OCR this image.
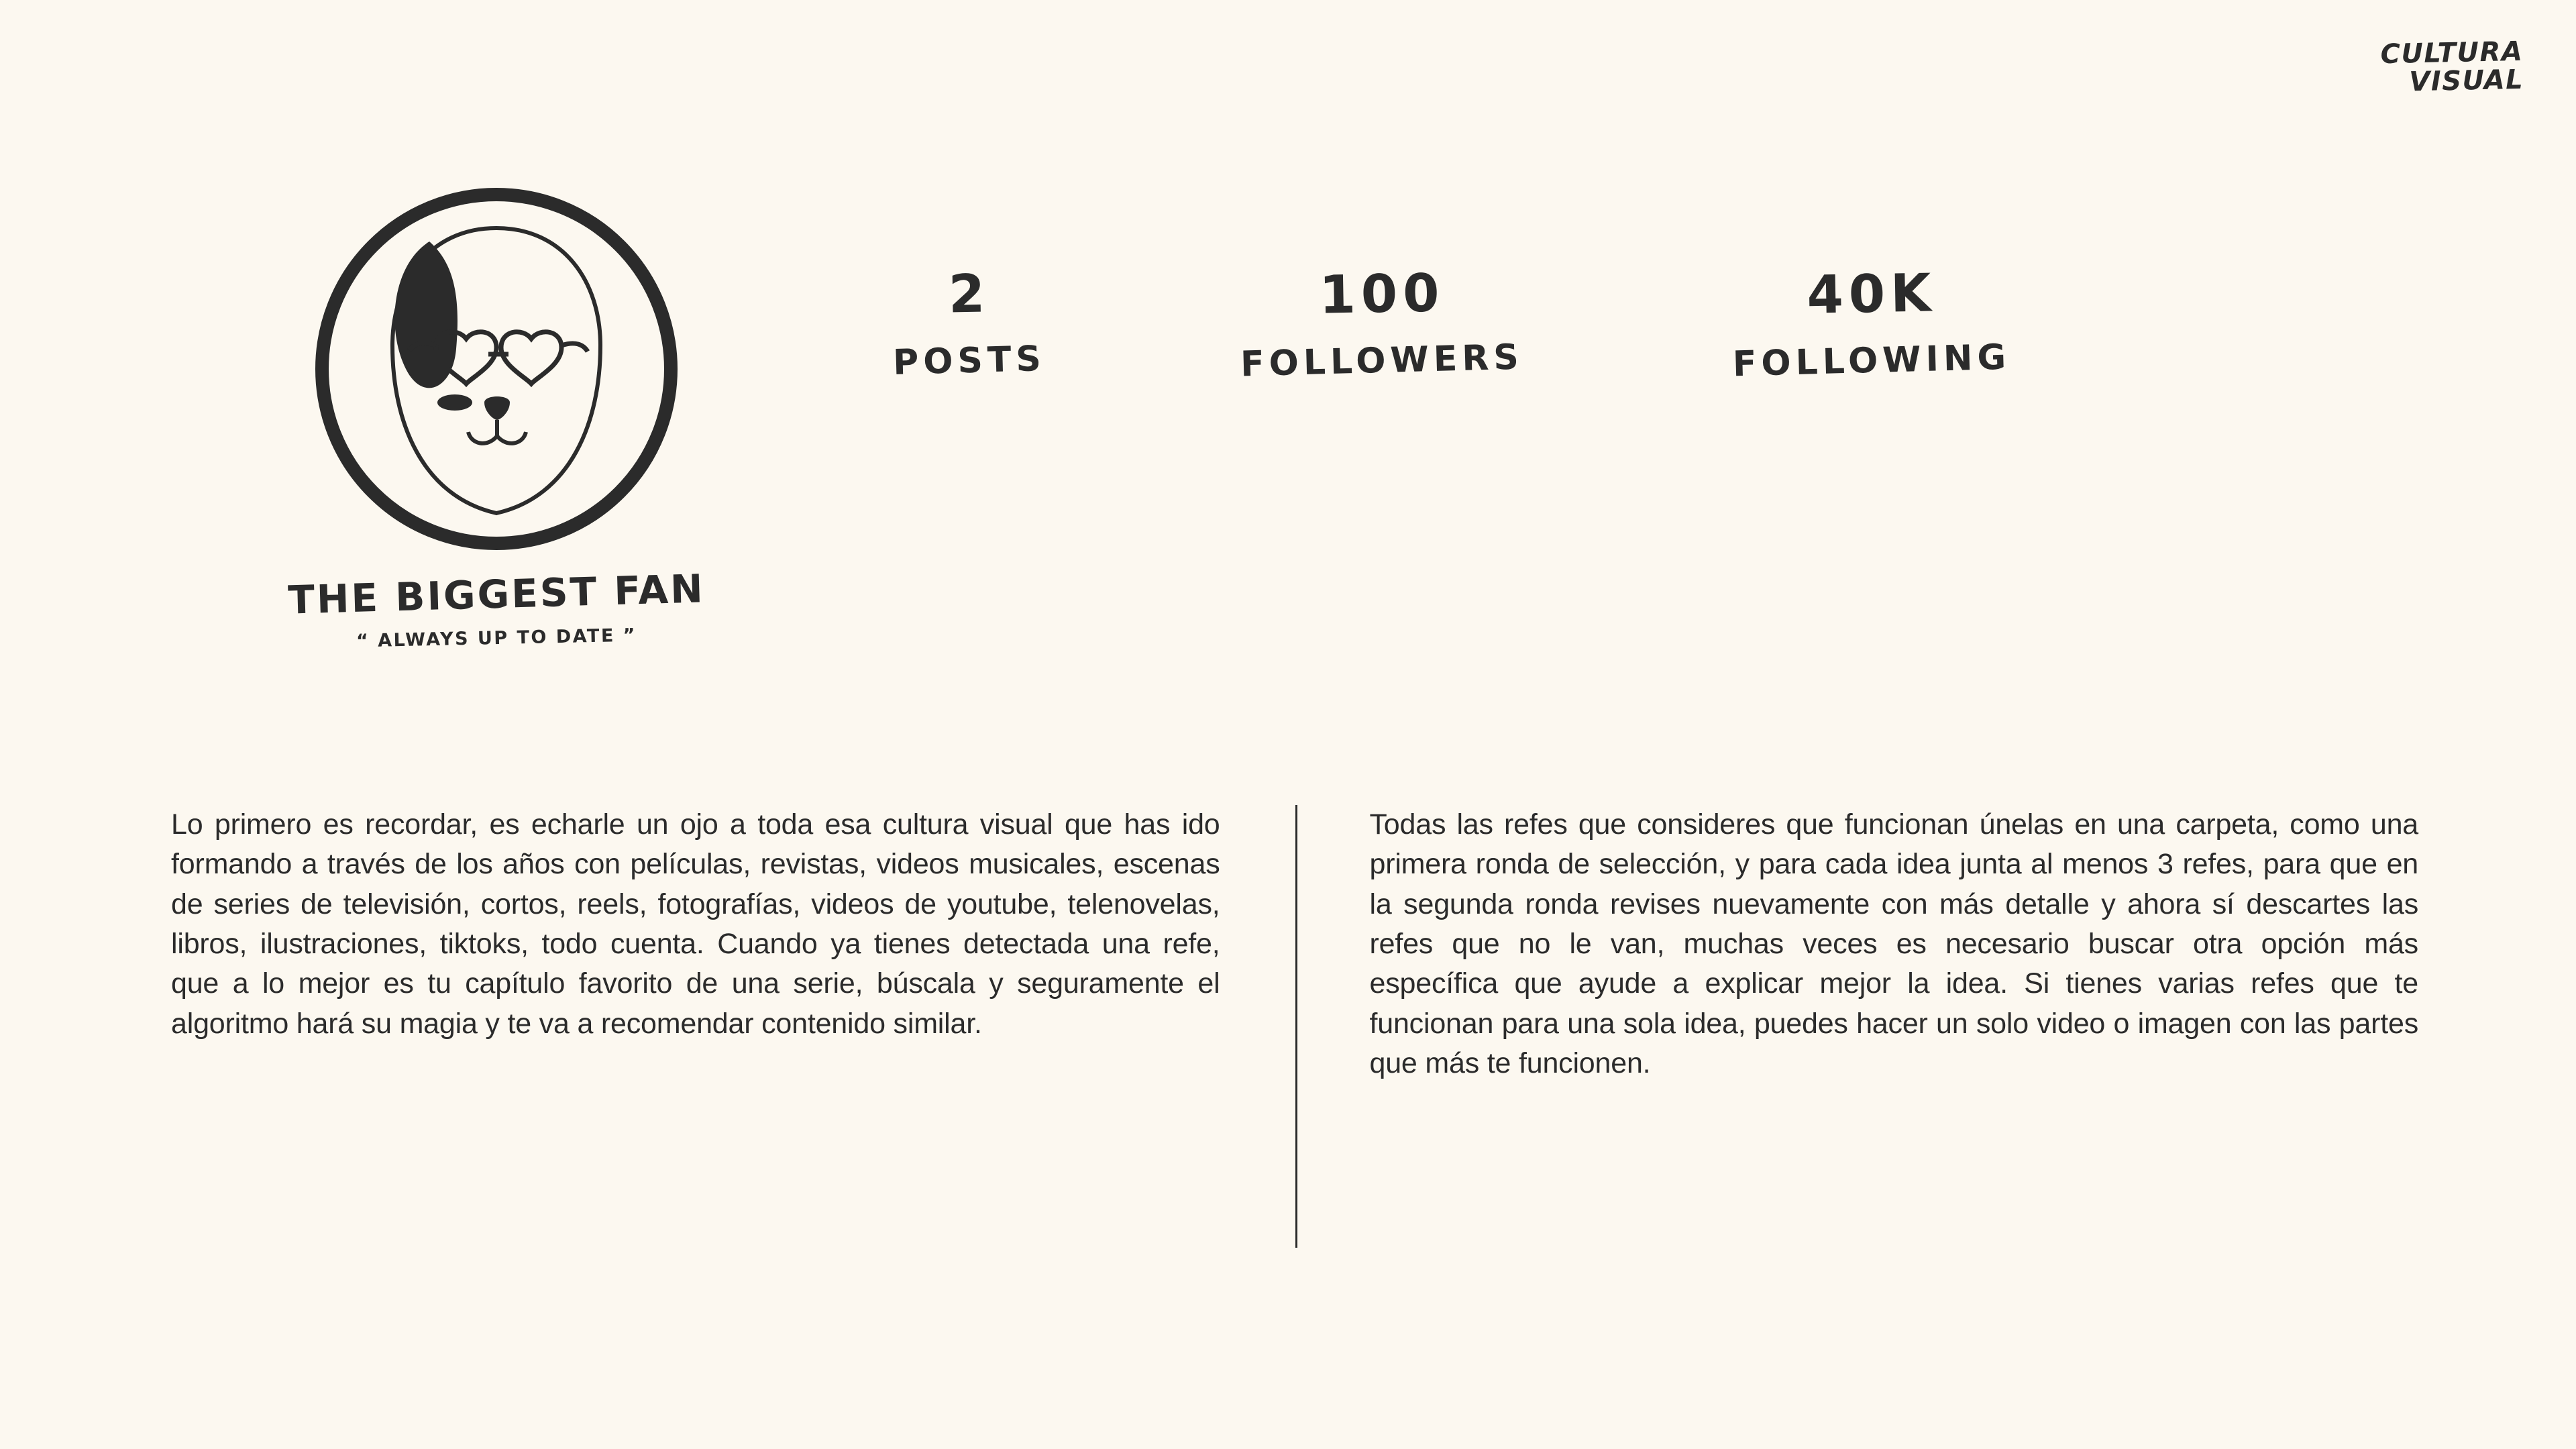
CULTURA
VISUAL
THE BIGGEST FAN
“ ALWAYS UP TO DATE ”
2
POSTS
100
FOLLOWERS
40K
FOLLOWING

Lo primero es recordar, es echarle un ojo a toda esa cultura visual que has ido formando a través de los años con películas, revistas, videos musicales, escenas de series de televisión, cortos, reels, fotografías, videos de youtube, telenovelas, libros, ilustraciones, tiktoks, todo cuenta. Cuando ya tienes detectada una refe, que a lo mejor es tu capítulo favorito de una serie, búscala y seguramente el algoritmo hará su magia y te va a recomendar contenido similar.

Todas las refes que consideres que funcionan únelas en una carpeta, como una primera ronda de selección, y para cada idea junta al menos 3 refes, para que en la segunda ronda revises nuevamente con más detalle y ahora sí descartes las refes que no le van, muchas veces es necesario buscar otra opción más específica que ayude a explicar mejor la idea. Si tienes varias refes que te funcionan para una sola idea, puedes hacer un solo video o imagen con las partes que más te funcionen.
